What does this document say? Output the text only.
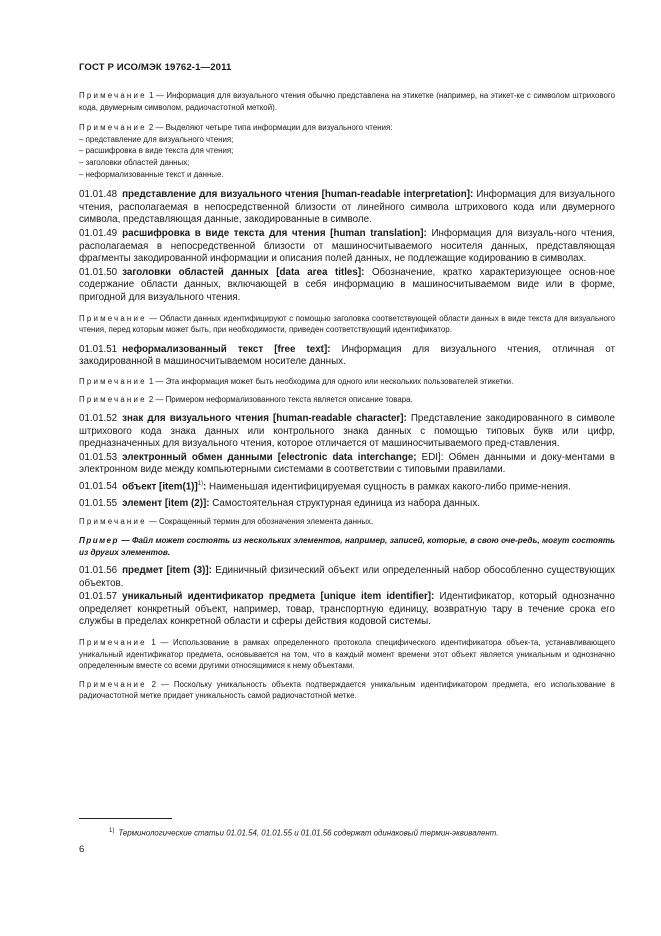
ГОСТ Р ИСО/МЭК 19762-1—2011

Примечание 1 — Информация для визуального чтения обычно представлена на этикетке (например, на этикет-ке с символом штрихового кода, двумерным символом, радиочастотной меткой).

Примечание 2 — Выделяют четыре типа информации для визуального чтения:

– представление для визуального чтения;
– расшифровка в виде текста для чтения;
– заголовки областей данных;
– неформализованные текст и данные.

01.01.48 представление для визуального чтения [human-readable interpretation]: Информация для визуального чтения, располагаемая в непосредственной близости от линейного символа штрихового кода или двумерного символа, представляющая данные, закодированные в символе.

01.01.49 расшифровка в виде текста для чтения [human translation]: Информация для визуаль-ного чтения, располагаемая в непосредственной близости от машиносчитываемого носителя данных, представляющая фрагменты закодированной информации и описания полей данных, не подлежащие кодированию в символах.

01.01.50 заголовки областей данных [data area titles]: Обозначение, кратко характеризующее основ-ное содержание области данных, включающей в себя информацию в машиносчитываемом виде или в форме, пригодной для визуального чтения.

Примечание — Области данных идентифицируют с помощью заголовка соответствующей области данных в виде текста для визуального чтения, перед которым может быть, при необходимости, приведен соответствующий идентификатор.

01.01.51 неформализованный текст [free text]: Информация для визуального чтения, отличная от закодированной в машиносчитываемом носителе данных.

Примечание 1 — Эта информация может быть необходима для одного или нескольких пользователей этикетки.

Примечание 2 — Примером неформализованного текста является описание товара.

01.01.52 знак для визуального чтения [human-readable character]: Представление закодированного в символе штрихового кода знака данных или контрольного знака данных с помощью типовых букв или цифр, предназначенных для визуального чтения, которое отличается от машиносчитываемого пред-ставления.

01.01.53 электронный обмен данными [electronic data interchange; EDI]: Обмен данными и доку-ментами в электронном виде между компьютерными системами в соответствии с типовыми правилами.

01.01.54 объект [item(1)]$^{1)}$: Наименьшая идентифицируемая сущность в рамках какого-либо приме-нения.

01.01.55 элемент [item (2)]: Самостоятельная структурная единица из набора данных.

Примечание — Сокращенный термин для обозначения элемента данных.

Пример — Файл может состоять из нескольких элементов, например, записей, которые, в свою оче-редь, могут состоять из других элементов.

01.01.56 предмет [item (3)]: Единичный физический объект или определенный набор обособленно существующих объектов.

01.01.57 уникальный идентификатор предмета [unique item identifier]: Идентификатор, который однозначно определяет конкретный объект, например, товар, транспортную единицу, возвратную тару в течение срока его службы в пределах конкретной области и сферы действия кодовой системы.

Примечание 1 — Использование в рамках определенного протокола специфического идентификатора объек-та, устанавливающего уникальный идентификатор предмета, основывается на том, что в каждый момент времени этот объект является уникальным и однозначно определенным вместе со всеми другими относящимися к нему объектами.

Примечание 2 — Поскольку уникальность объекта подтверждается уникальным идентификатором предмета, его использование в радиочастотной метке придает уникальность самой радиочастотной метке.

$^{1)}$ Терминологические статьи 01.01.54, 01.01.55 и 01.01.56 содержат одинаковый термин-эквивалент.
6
